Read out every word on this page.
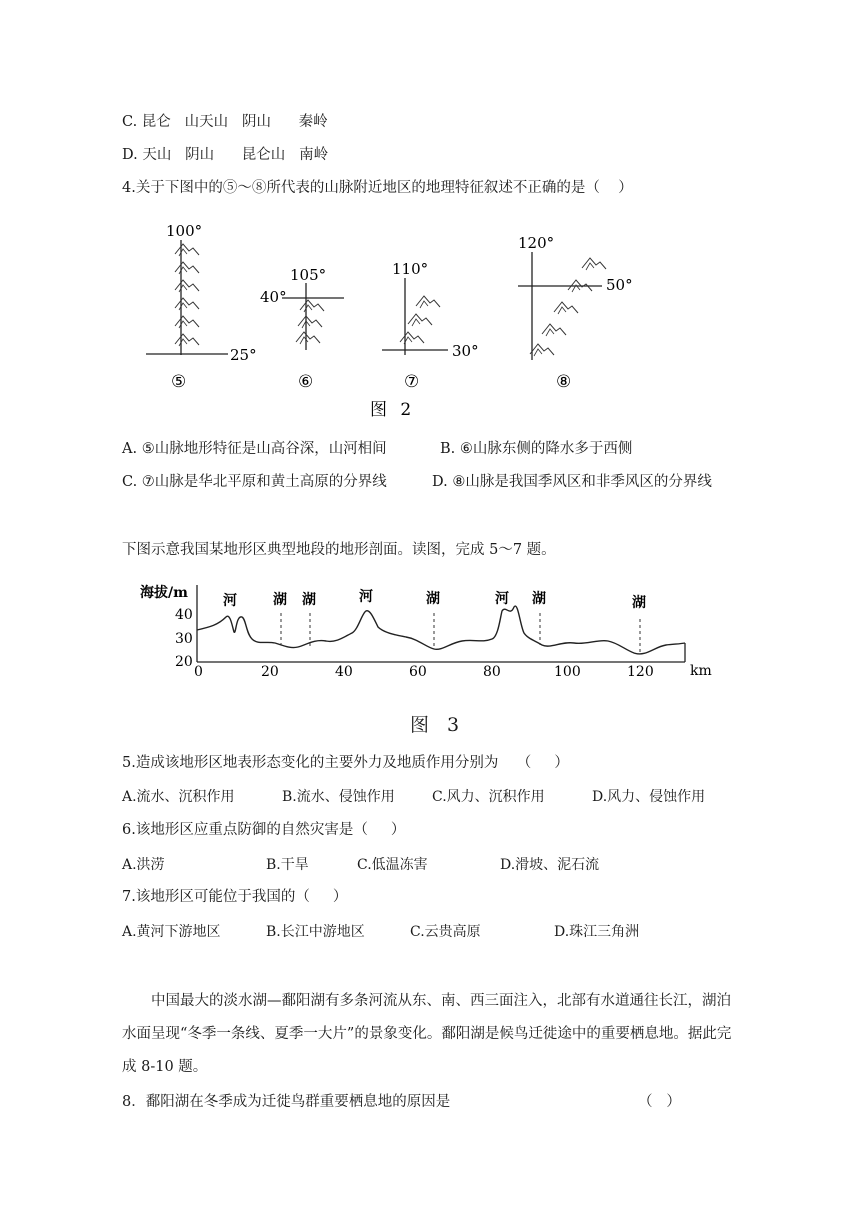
C. 昆仑   山天山   阴山      秦岭
D. 天山   阴山      昆仑山   南岭
4.关于下图中的⑤～⑧所代表的山脉附近地区的地理特征叙述不正确的是（    ）
100°
25°
⑤
105°
40°
⑥
110°
30°
⑦
120°
50°
⑧
图 2
A. ⑤山脉地形特征是山高谷深，山河相间	B. ⑥山脉东侧的降水多于西侧
C. ⑦山脉是华北平原和黄土高原的分界线	D. ⑧山脉是我国季风区和非季风区的分界线
下图示意我国某地形区典型地段的地形剖面。读图，完成 5～7 题。
海拔/m
40
30
20
河	湖 湖	河	湖	河 湖	湖
0	20	40	60	80	100	120	km
图 3
5.造成该地形区地表形态变化的主要外力及地质作用分别为    （     ）
A.流水、沉积作用	B.流水、侵蚀作用	C.风力、沉积作用	D.风力、侵蚀作用
6.该地形区应重点防御的自然灾害是（     ）
A.洪涝	B.干旱	C.低温冻害	D.滑坡、泥石流
7.该地形区可能位于我国的（     ）
A.黄河下游地区	B.长江中游地区	C.云贵高原	D.珠江三角洲
中国最大的淡水湖—鄱阳湖有多条河流从东、南、西三面注入，北部有水道通往长江，湖泊水面呈现“冬季一条线、夏季一大片”的景象变化。鄱阳湖是候鸟迁徙途中的重要栖息地。据此完成 8-10 题。
8．鄱阳湖在冬季成为迁徙鸟群重要栖息地的原因是	（   ）
